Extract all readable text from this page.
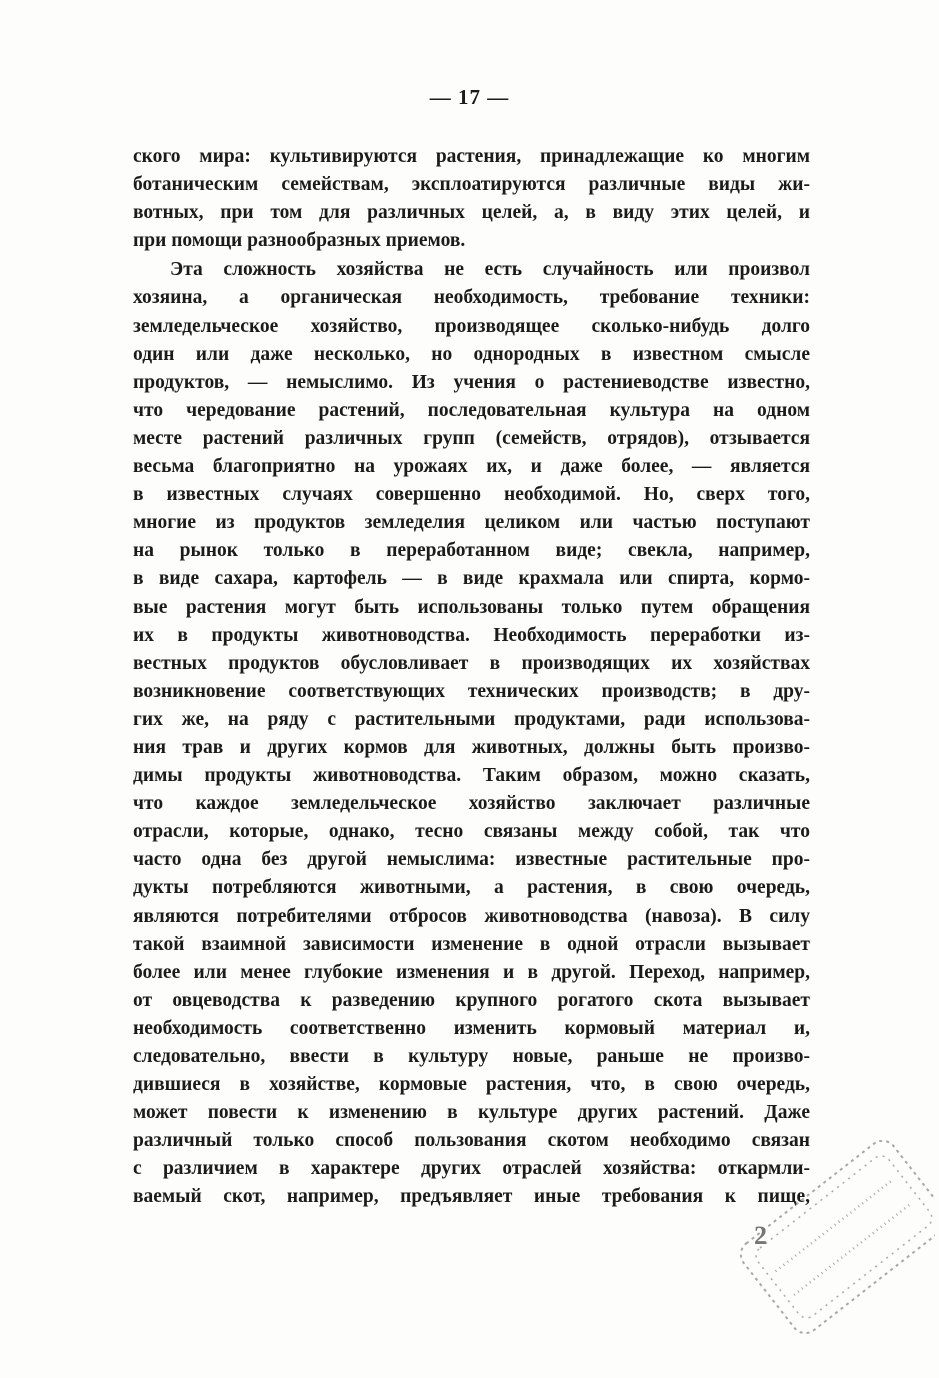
— 17 —
ского мира: культивируются растения, принадлежащие ко многим
ботаническим семействам, эксплоатируются различные виды жи-
вотных, при том для различных целей, а, в виду этих целей, и
при помощи разнообразных приемов.
Эта сложность хозяйства не есть случайность или произвол
хозяина, а органическая необходимость, требование техники:
земледельческое хозяйство, производящее сколько-нибудь долго
один или даже несколько, но однородных в известном смысле
продуктов, — немыслимо. Из учения о растениеводстве известно,
что чередование растений, последовательная культура на одном
месте растений различных групп (семейств, отрядов), отзывается
весьма благоприятно на урожаях их, и даже более, — является
в известных случаях совершенно необходимой. Но, сверх того,
многие из продуктов земледелия целиком или частью поступают
на рынок только в переработанном виде; свекла, например,
в виде сахара, картофель — в виде крахмала или спирта, кормо-
вые растения могут быть использованы только путем обращения
их в продукты животноводства. Необходимость переработки из-
вестных продуктов обусловливает в производящих их хозяйствах
возникновение соответствующих технических производств; в дру-
гих же, на ряду с растительными продуктами, ради использова-
ния трав и других кормов для животных, должны быть произво-
димы продукты животноводства. Таким образом, можно сказать,
что каждое земледельческое хозяйство заключает различные
отрасли, которые, однако, тесно связаны между собой, так что
часто одна без другой немыслима: известные растительные про-
дукты потребляются животными, а растения, в свою очередь,
являются потребителями отбросов животноводства (навоза). В силу
такой взаимной зависимости изменение в одной отрасли вызывает
более или менее глубокие изменения и в другой. Переход, например,
от овцеводства к разведению крупного рогатого скота вызывает
необходимость соответственно изменить кормовый материал и,
следовательно, ввести в культуру новые, раньше не произво-
дившиеся в хозяйстве, кормовые растения, что, в свою очередь,
может повести к изменению в культуре других растений. Даже
различный только способ пользования скотом необходимо связан
с различием в характере других отраслей хозяйства: откармли-
ваемый скот, например, предъявляет иные требования к пище,
2
